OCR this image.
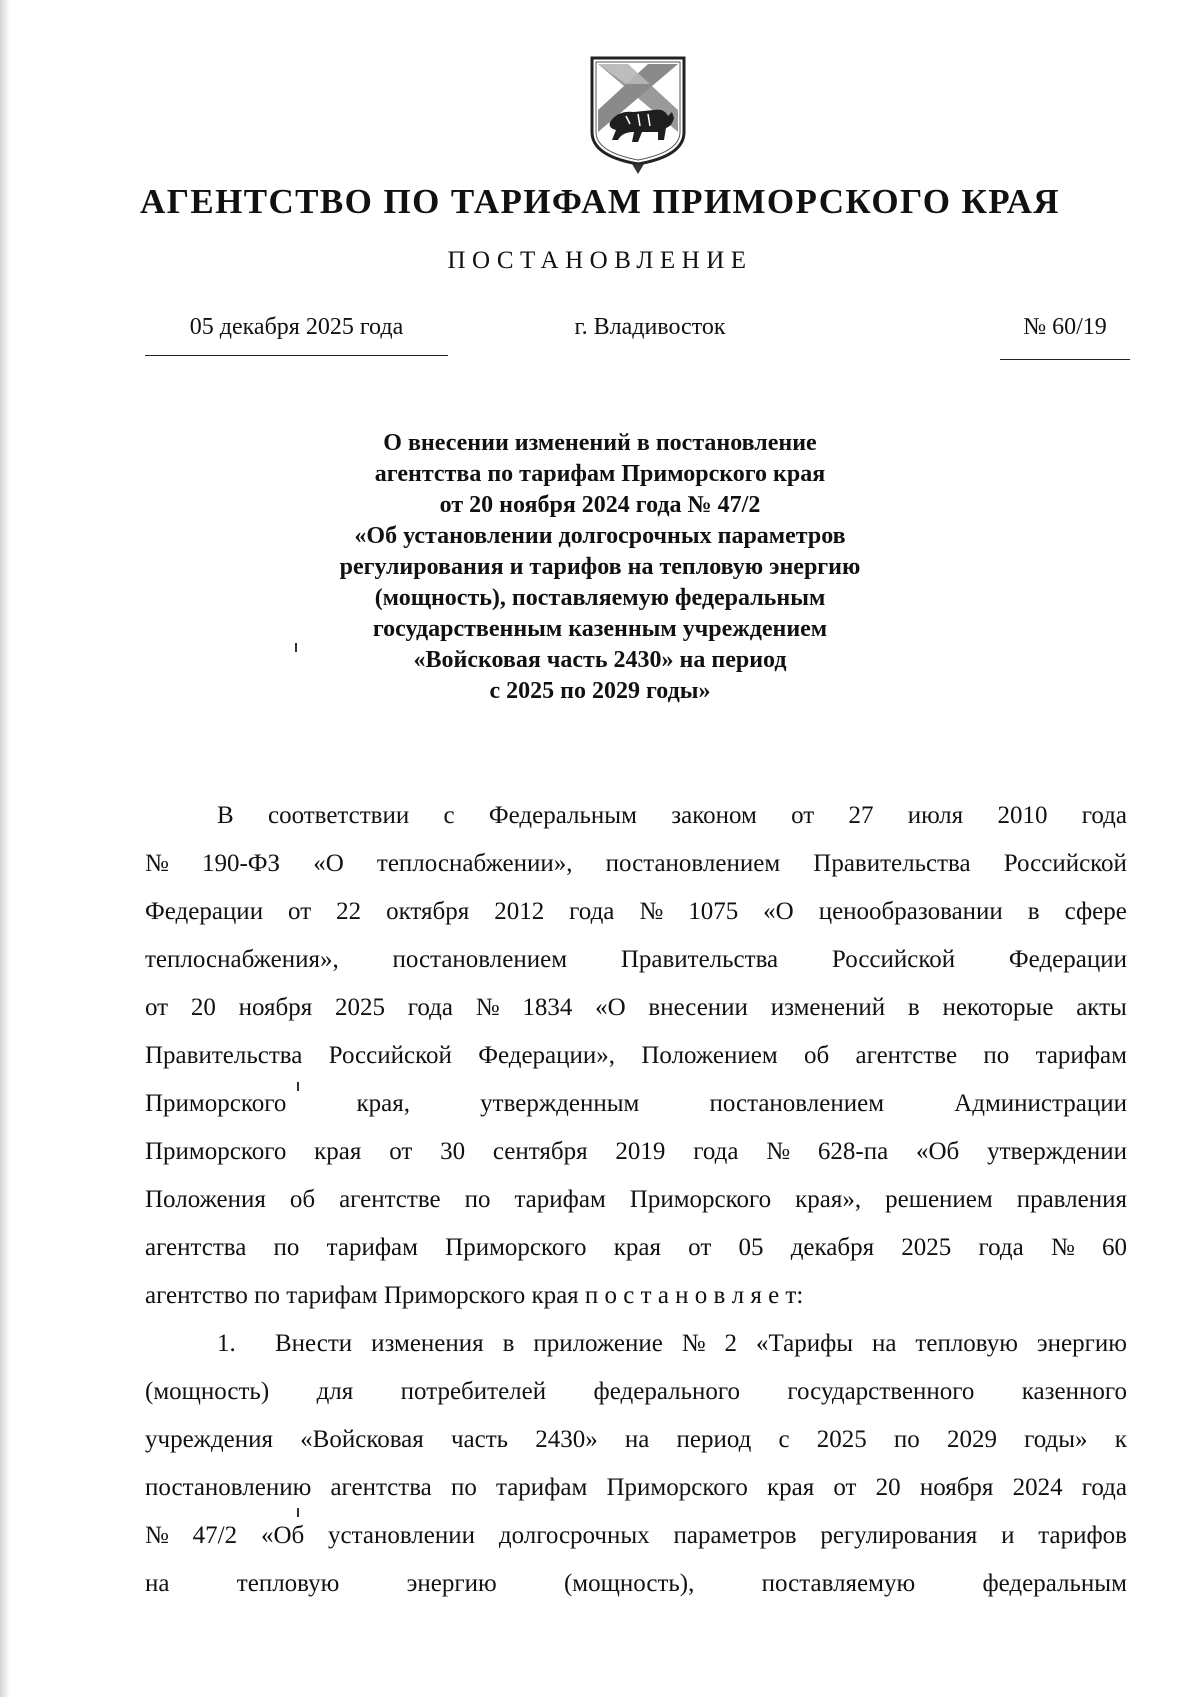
АГЕНТСТВО ПО ТАРИФАМ ПРИМОРСКОГО КРАЯ
ПОСТАНОВЛЕНИЕ
05 декабря 2025 года	г. Владивосток	№ 60/19
О внесении изменений в постановление
агентства по тарифам Приморского края
от 20 ноября 2024 года № 47/2
«Об установлении долгосрочных параметров
регулирования и тарифов на тепловую энергию
(мощность), поставляемую федеральным
государственным казенным учреждением
«Войсковая часть 2430» на период
с 2025 по 2029 годы»
В соответствии с Федеральным законом от 27 июля 2010 года
№ 190-ФЗ «О теплоснабжении», постановлением Правительства Российской
Федерации от 22 октября 2012 года № 1075 «О ценообразовании в сфере
теплоснабжения», постановлением Правительства Российской Федерации
от 20 ноября 2025 года № 1834 «О внесении изменений в некоторые акты
Правительства Российской Федерации», Положением об агентстве по тарифам
Приморского	края,	утвержденным	постановлением	Администрации
Приморского края от 30 сентября 2019 года № 628-па «Об утверждении
Положения об агентстве по тарифам Приморского края», решением правления
агентства по тарифам Приморского края от 05 декабря 2025 года № 60
агентство по тарифам Приморского края п о с т а н о в л я е т:
1.	Внести изменения в приложение № 2 «Тарифы на тепловую энергию
(мощность) для потребителей федерального государственного казенного
учреждения «Войсковая часть 2430» на период с 2025 по 2029 годы» к
постановлению агентства по тарифам Приморского края от 20 ноября 2024 года
№ 47/2 «Об установлении долгосрочных параметров регулирования и тарифов
на	тепловую	энергию	(мощность),	поставляемую	федеральным
